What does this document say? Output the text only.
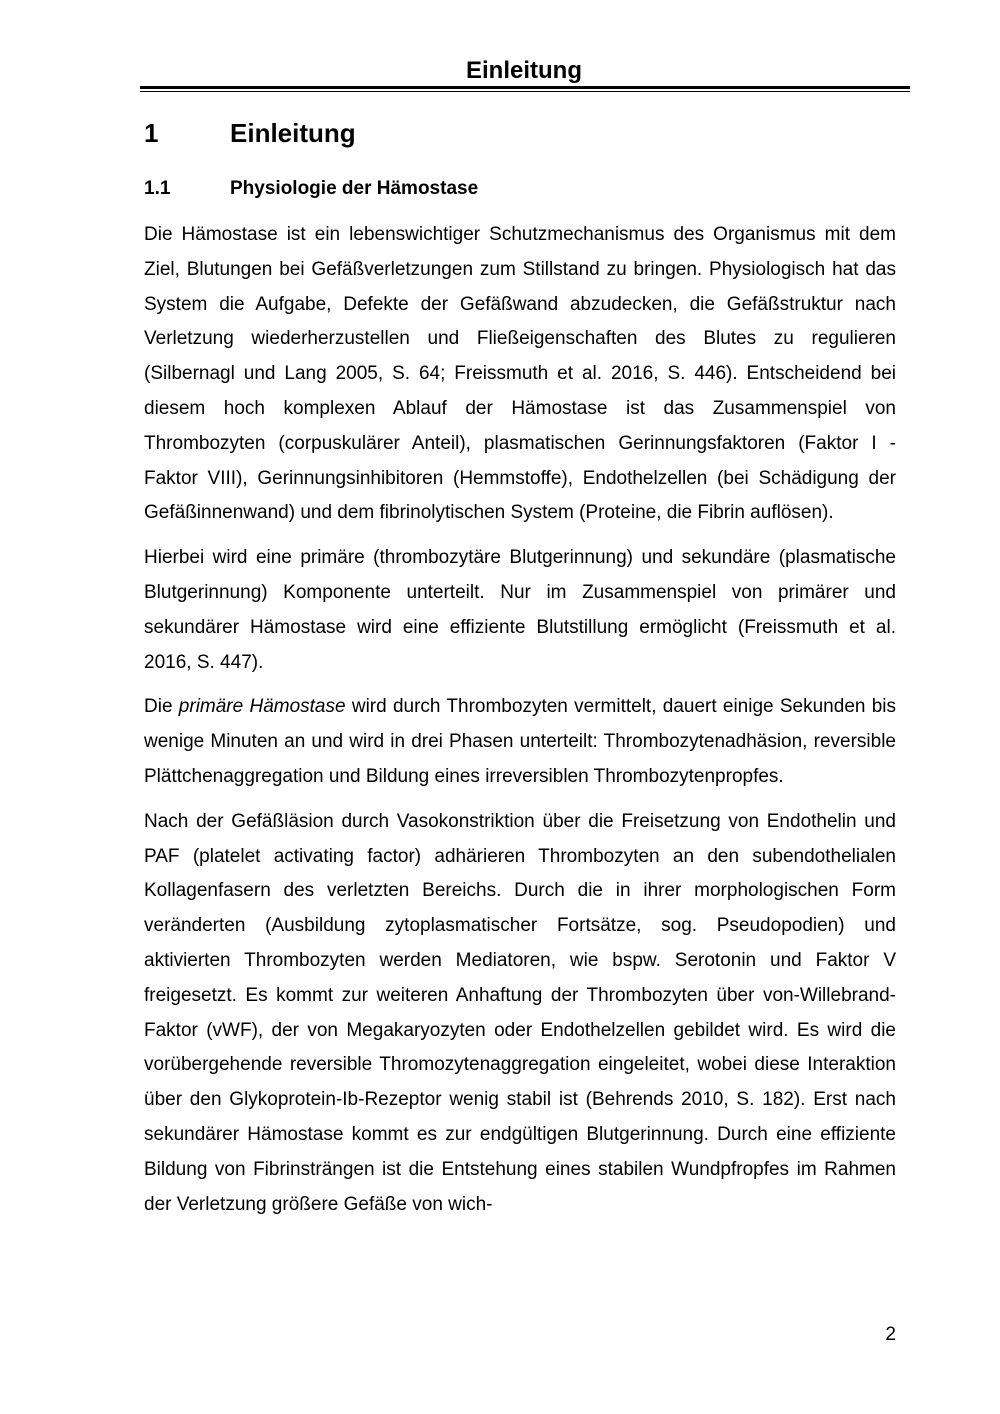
Einleitung
1	Einleitung
1.1	Physiologie der Hämostase

Die Hämostase ist ein lebenswichtiger Schutzmechanismus des Organismus mit dem Ziel, Blutungen bei Gefäßverletzungen zum Stillstand zu bringen. Physiologisch hat das System die Aufgabe, Defekte der Gefäßwand abzudecken, die Gefäßstruktur nach Verletzung wiederherzustellen und Fließeigenschaften des Blutes zu regulieren (Silbernagl und Lang 2005, S. 64; Freissmuth et al. 2016, S. 446). Entscheidend bei diesem hoch komplexen Ablauf der Hämostase ist das Zusammenspiel von Thrombozyten (corpuskulärer Anteil), plasmatischen Gerinnungsfaktoren (Faktor I - Faktor VIII), Gerinnungsinhibitoren (Hemmstoffe), Endothelzellen (bei Schädigung der Gefäßinnenwand) und dem fibrinolytischen System (Proteine, die Fibrin auflösen).

Hierbei wird eine primäre (thrombozytäre Blutgerinnung) und sekundäre (plasmatische Blutgerinnung) Komponente unterteilt. Nur im Zusammenspiel von primärer und sekundärer Hämostase wird eine effiziente Blutstillung ermöglicht (Freissmuth et al. 2016, S. 447).

Die primäre Hämostase wird durch Thrombozyten vermittelt, dauert einige Sekunden bis wenige Minuten an und wird in drei Phasen unterteilt: Thrombozytenadhäsion, reversible Plättchenaggregation und Bildung eines irreversiblen Thrombozytenpropfes.

Nach der Gefäßläsion durch Vasokonstriktion über die Freisetzung von Endothelin und PAF (platelet activating factor) adhärieren Thrombozyten an den subendothelialen Kollagenfasern des verletzten Bereichs. Durch die in ihrer morphologischen Form veränderten (Ausbildung zytoplasmatischer Fortsätze, sog. Pseudopodien) und aktivierten Thrombozyten werden Mediatoren, wie bspw. Serotonin und Faktor V freigesetzt. Es kommt zur weiteren Anhaftung der Thrombozyten über von-Willebrand-Faktor (vWF), der von Megakaryozyten oder Endothelzellen gebildet wird. Es wird die vorübergehende reversible Thromozytenaggregation eingeleitet, wobei diese Interaktion über den Glykoprotein-Ib-Rezeptor wenig stabil ist (Behrends 2010, S. 182). Erst nach sekundärer Hämostase kommt es zur endgültigen Blutgerinnung. Durch eine effiziente Bildung von Fibrinsträngen ist die Entstehung eines stabilen Wundpfropfes im Rahmen der Verletzung größere Gefäße von wich-

2
